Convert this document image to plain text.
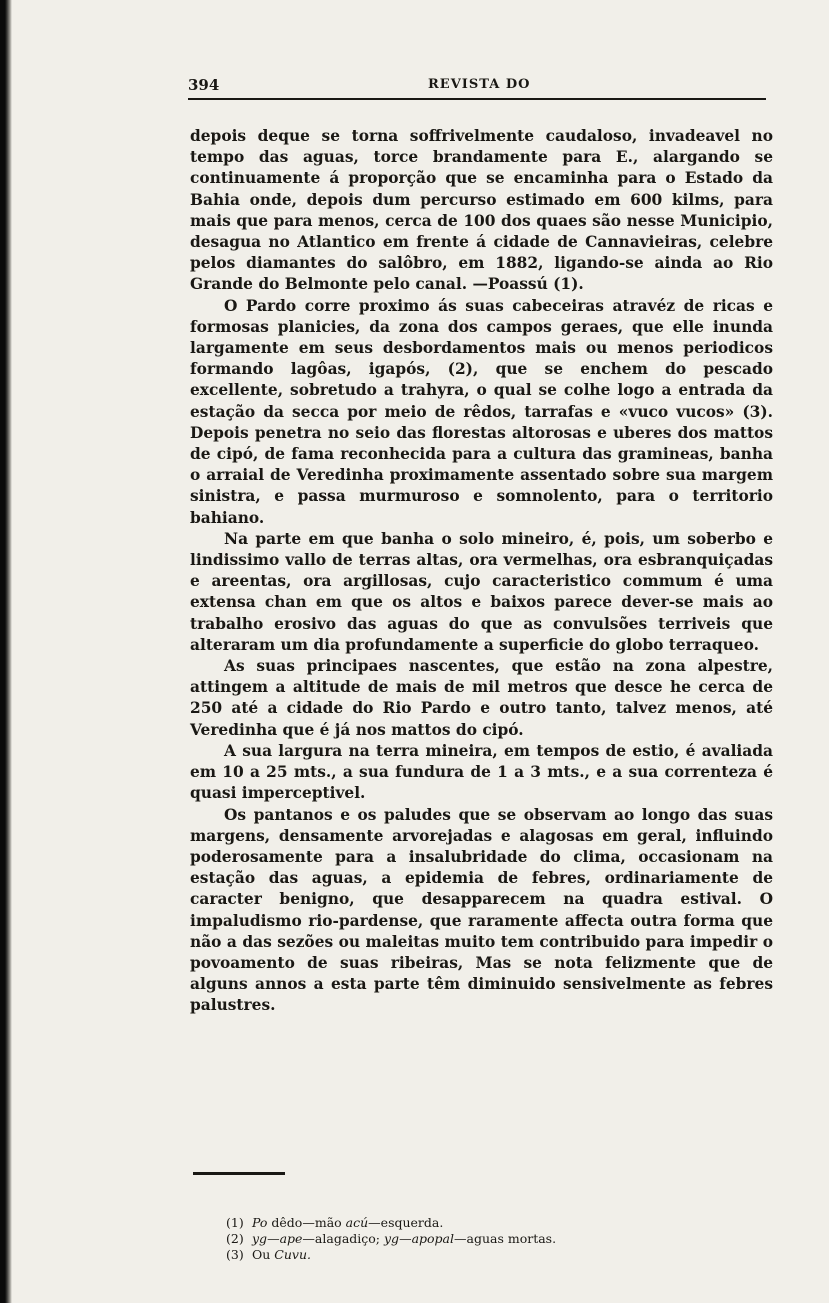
394	REVISTA DO

depois deque se torna soffrivelmente caudaloso, invadeavel no tempo das aguas, torce brandamente para E., alargando se continuamente á proporção que se encaminha para o Estado da Bahia onde, depois dum percurso estimado em 600 kilms, para mais que para menos, cerca de 100 dos quaes são nesse Municipio, desagua no Atlantico em frente á cidade de Cannavieiras, celebre pelos diamantes do salôbro, em 1882, ligando-se ainda ao Rio Grande do Belmonte pelo canal. —Poassú (1).

O Pardo corre proximo ás suas cabeceiras atravéz de ricas e formosas planicies, da zona dos campos geraes, que elle inunda largamente em seus desbordamentos mais ou menos periodicos formando lagôas, igapós, (2), que se enchem do pescado excellente, sobretudo a trahyra, o qual se colhe logo a entrada da estação da secca por meio de rêdos, tarrafas e «vuco vucos» (3). Depois penetra no seio das florestas altorosas e uberes dos mattos de cipó, de fama reconhecida para a cultura das gramineas, banha o arraial de Veredinha proximamente assentado sobre sua margem sinistra, e passa murmuroso e somnolento, para o territorio bahiano.

Na parte em que banha o solo mineiro, é, pois, um soberbo e lindissimo vallo de terras altas, ora vermelhas, ora esbranquiçadas e areentas, ora argillosas, cujo caracteristico commum é uma extensa chan em que os altos e baixos parece dever-se mais ao trabalho erosivo das aguas do que as convulsões terriveis que alteraram um dia profundamente a superficie do globo terraqueo.

As suas principaes nascentes, que estão na zona alpestre, attingem a altitude de mais de mil metros que desce he cerca de 250 até a cidade do Rio Pardo e outro tanto, talvez menos, até Veredinha que é já nos mattos do cipó.

A sua largura na terra mineira, em tempos de estio, é avaliada em 10 a 25 mts., a sua fundura de 1 a 3 mts., e a sua correnteza é quasi imperceptivel.

Os pantanos e os paludes que se observam ao longo das suas margens, densamente arvorejadas e alagosas em geral, influindo poderosamente para a insalubridade do clima, occasionam na estação das aguas, a epidemia de febres, ordinariamente de caracter benigno, que desapparecem na quadra estival. O impaludismo rio-pardense, que raramente affecta outra forma que não a das sezões ou maleitas muito tem contribuido para impedir o povoamento de suas ribeiras, Mas se nota felizmente que de alguns annos a esta parte têm diminuido sensivelmente as febres palustres.

(1) Po dêdo—mão acú—esquerda.
(2) yg—ape—alagadiço; yg—apopal—aguas mortas.
(3) Ou Cuvu.
